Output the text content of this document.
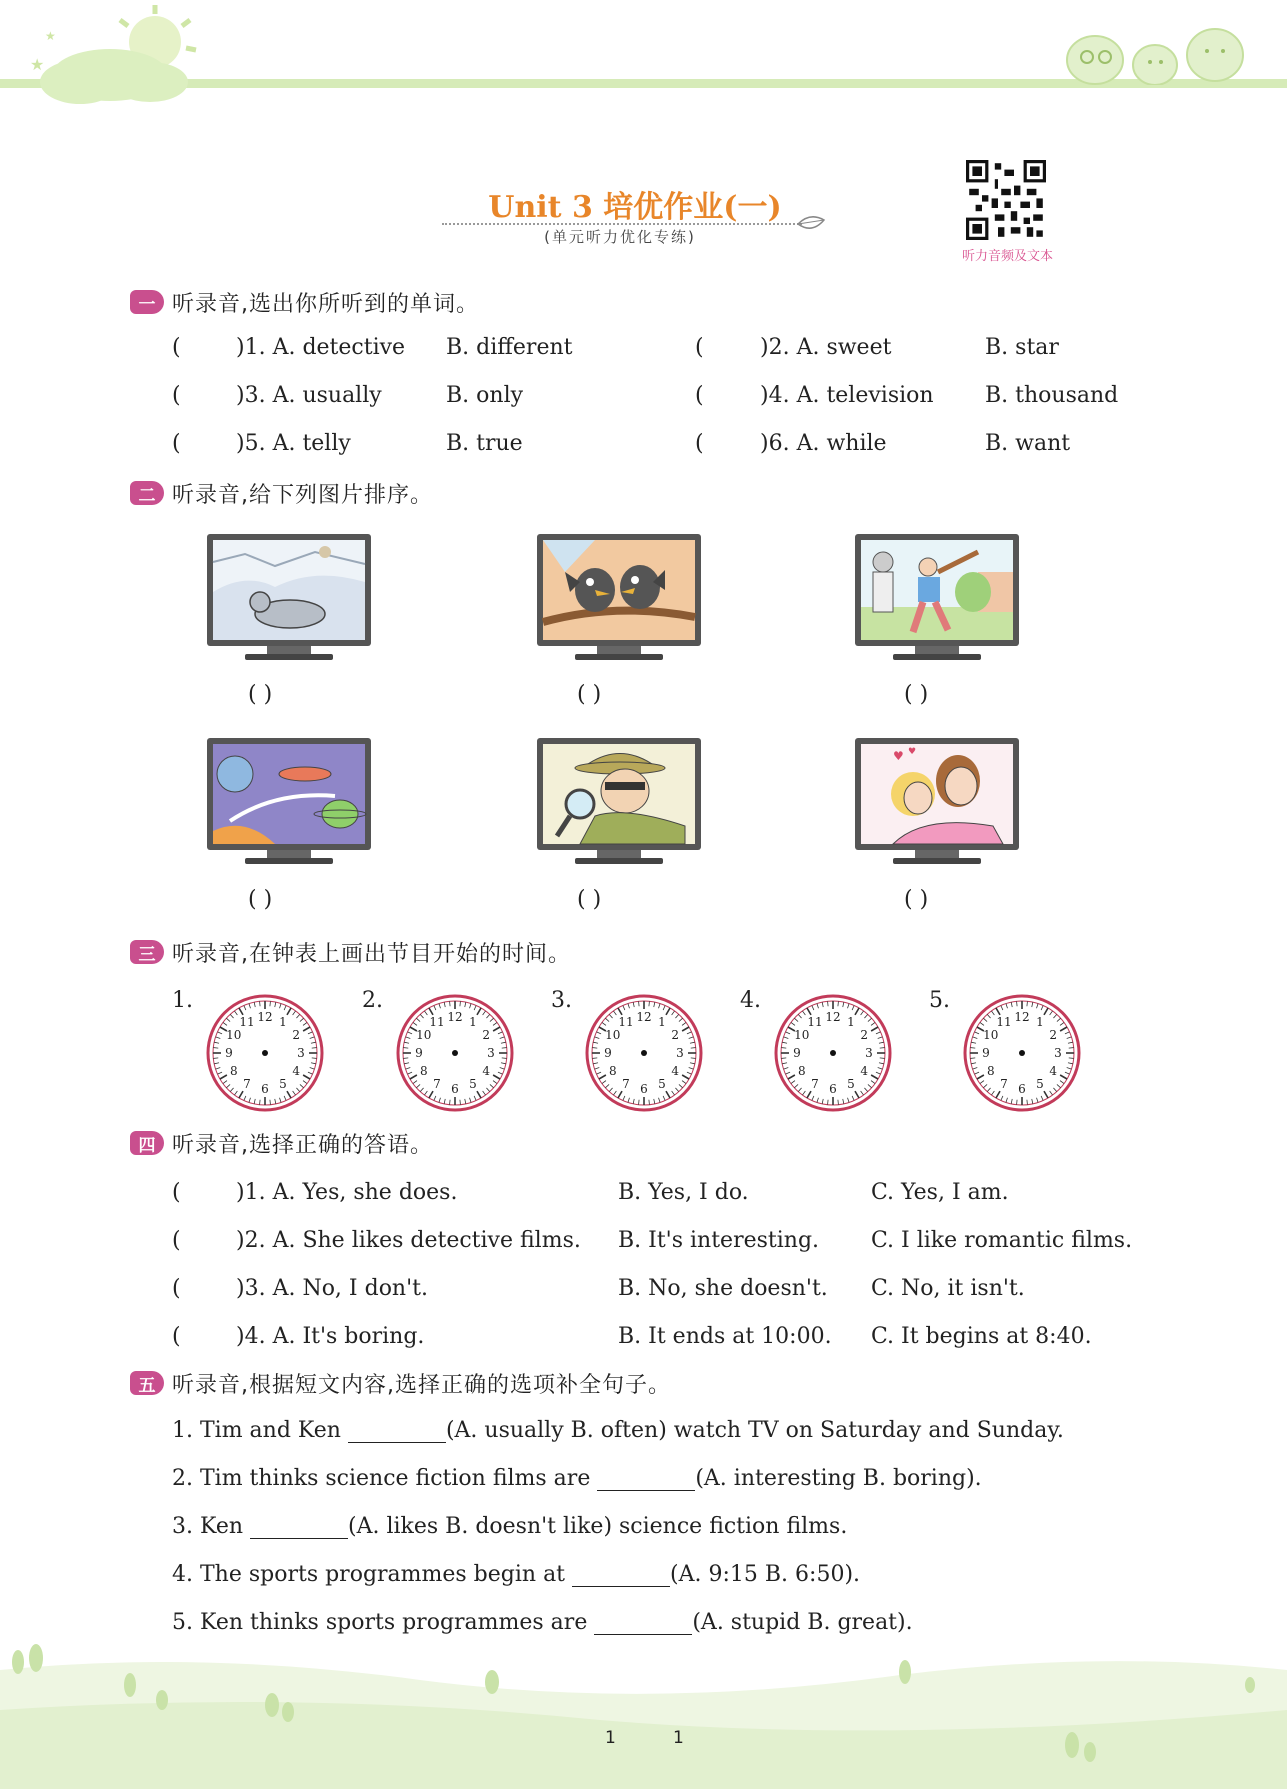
★
★
Unit 3 培优作业(一)
(单元听力优化专练)
听力音频及文本
一 听录音,选出你所听到的单词。
(	)1. A. detective B. different	(	)2. A. sweet	B. star
(	)3. A. usually	B. only	(	)4. A. television B. thousand
(	)5. A. telly	B. true	(	)6. A. while	B. want
二 听录音,给下列图片排序。
( )	( )	( )
♥ ♥
( )	( )	( )
三 听录音,在钟表上画出节目开始的时间。
1.
12 1
2
3
4
5
6
7
8
9
10
11
2.
12 1
2
3
4
5
6
7
8
9
10
11
3.
12 1
2
3
4
5
6
7
8
9
10
11
4.
12 1
2
3
4
5
6
7
8
9
10
11
5.
12 1
2
3
4
5
6
7
8
9
10
11
四 听录音,选择正确的答语。
(	)1. A. Yes, she does.	B. Yes, I do.	C. Yes, I am.
(	)2. A. She likes detective films. B. It's interesting. C. I like romantic films.
(	)3. A. No, I don't.	B. No, she doesn't. C. No, it isn't.
(	)4. A. It's boring.	B. It ends at 10:00. C. It begins at 8:40.
五 听录音,根据短文内容,选择正确的选项补全句子。
1. Tim and Ken	(A. usually B. often) watch TV on Saturday and Sunday.
2. Tim thinks science fiction films are	(A. interesting B. boring).
3. Ken	(A. likes B. doesn't like) science fiction films.
4. The sports programmes begin at	(A. 9:15 B. 6:50).
5. Ken thinks sports programmes are	(A. stupid B. great).
1	1
